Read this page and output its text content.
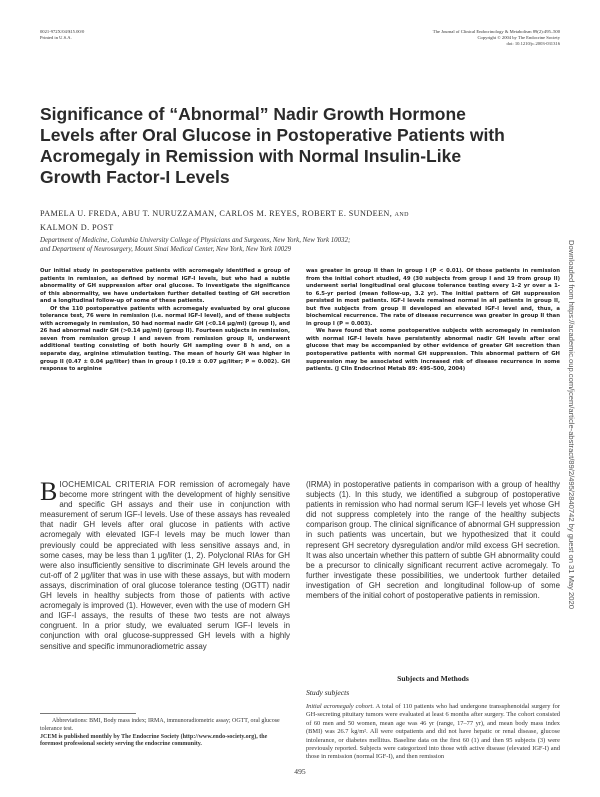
0021-972X/04/$15.00/0
Printed in U.S.A.
The Journal of Clinical Endocrinology & Metabolism 89(2):495–500
Copyright © 2004 by The Endocrine Society
doi: 10.1210/jc.2003-031316
Significance of “Abnormal” Nadir Growth Hormone
Levels after Oral Glucose in Postoperative Patients with
Acromegaly in Remission with Normal Insulin-Like
Growth Factor-I Levels
PAMELA U. FREDA, ABU T. NURUZZAMAN, CARLOS M. REYES, ROBERT E. SUNDEEN, AND
KALMON D. POST
Department of Medicine, Columbia University College of Physicians and Surgeons, New York, New York 10032;
and Department of Neurosurgery, Mount Sinai Medical Center, New York, New York 10029

Our initial study in postoperative patients with acromegaly identified a group of patients in remission, as defined by normal IGF-I levels, but who had a subtle abnormality of GH suppression after oral glucose. To investigate the significance of this abnormality, we have undertaken further detailed testing of GH secretion and a longitudinal follow-up of some of these patients.

Of the 110 postoperative patients with acromegaly evaluated by oral glucose tolerance test, 76 were in remission (i.e. normal IGF-I level), and of these subjects with acromegaly in remission, 50 had normal nadir GH (<0.14 μg/ml) (group I), and 26 had abnormal nadir GH (>0.14 μg/ml) (group II). Fourteen subjects in remission, seven from remission group I and seven from remission group II, underwent additional testing consisting of both hourly GH sampling over 8 h and, on a separate day, arginine stimulation testing. The mean of hourly GH was higher in group II (0.47 ± 0.04 μg/liter) than in group I (0.19 ± 0.07 μg/liter; P = 0.002). GH response to arginine

was greater in group II than in group I (P < 0.01). Of those patients in remission from the initial cohort studied, 49 (30 subjects from group I and 19 from group II) underwent serial longitudinal oral glucose tolerance testing every 1–2 yr over a 1- to 6.5-yr period (mean follow-up, 3.2 yr). The initial pattern of GH suppression persisted in most patients. IGF-I levels remained normal in all patients in group II, but five subjects from group II developed an elevated IGF-I level and, thus, a biochemical recurrence. The rate of disease recurrence was greater in group II than in group I (P = 0.003).

We have found that some postoperative subjects with acromegaly in remission with normal IGF-I levels have persistently abnormal nadir GH levels after oral glucose that may be accompanied by other evidence of greater GH secretion than postoperative patients with normal GH suppression. This abnormal pattern of GH suppression may be associated with increased risk of disease recurrence in some patients. (J Clin Endocrinol Metab 89: 495–500, 2004)

BIOCHEMICAL CRITERIA FOR remission of acromegaly have become more stringent with the development of highly sensitive and specific GH assays and their use in conjunction with measurement of serum IGF-I levels. Use of these assays has revealed that nadir GH levels after oral glucose in patients with active acromegaly with elevated IGF-I levels may be much lower than previously could be appreciated with less sensitive assays and, in some cases, may be less than 1 μg/liter (1, 2). Polyclonal RIAs for GH were also insufficiently sensitive to discriminate GH levels around the cut-off of 2 μg/liter that was in use with these assays, but with modern assays, discrimination of oral glucose tolerance testing (OGTT) nadir GH levels in healthy subjects from those of patients with active acromegaly is improved (1). However, even with the use of modern GH and IGF-I assays, the results of these two tests are not always congruent. In a prior study, we evaluated serum IGF-I levels in conjunction with oral glucose-suppressed GH levels with a highly sensitive and specific immunoradiometric assay

(IRMA) in postoperative patients in comparison with a group of healthy subjects (1). In this study, we identified a subgroup of postoperative patients in remission who had normal serum IGF-I levels yet whose GH did not suppress completely into the range of the healthy subjects comparison group. The clinical significance of abnormal GH suppression in such patients was uncertain, but we hypothesized that it could represent GH secretory dysregulation and/or mild excess GH secretion. It was also uncertain whether this pattern of subtle GH abnormality could be a precursor to clinically significant recurrent active acromegaly. To further investigate these possibilities, we undertook further detailed investigation of GH secretion and longitudinal follow-up of some members of the initial cohort of postoperative patients in remission.

Subjects and Methods
Study subjects
Initial acromegaly cohort. A total of 110 patients who had undergone transsphenoidal surgery for GH-secreting pituitary tumors were evaluated at least 6 months after surgery. The cohort consisted of 60 men and 50 women, mean age was 46 yr (range, 17–77 yr), and mean body mass index (BMI) was 26.7 kg/m². All were outpatients and did not have hepatic or renal disease, glucose intolerance, or diabetes mellitus. Baseline data on the first 60 (1) and then 95 subjects (3) were previously reported. Subjects were categorized into those with active disease (elevated IGF-I) and those in remission (normal IGF-I), and then remission

Abbreviations: BMI, Body mass index; IRMA, immunoradiometric assay; OGTT, oral glucose tolerance test.

JCEM is published monthly by The Endocrine Society (http://www.endo-society.org), the foremost professional society serving the endocrine community.

495
Downloaded from https://academic.oup.com/jcem/article-abstract/89/2/495/2840742 by guest on 31 May 2020
